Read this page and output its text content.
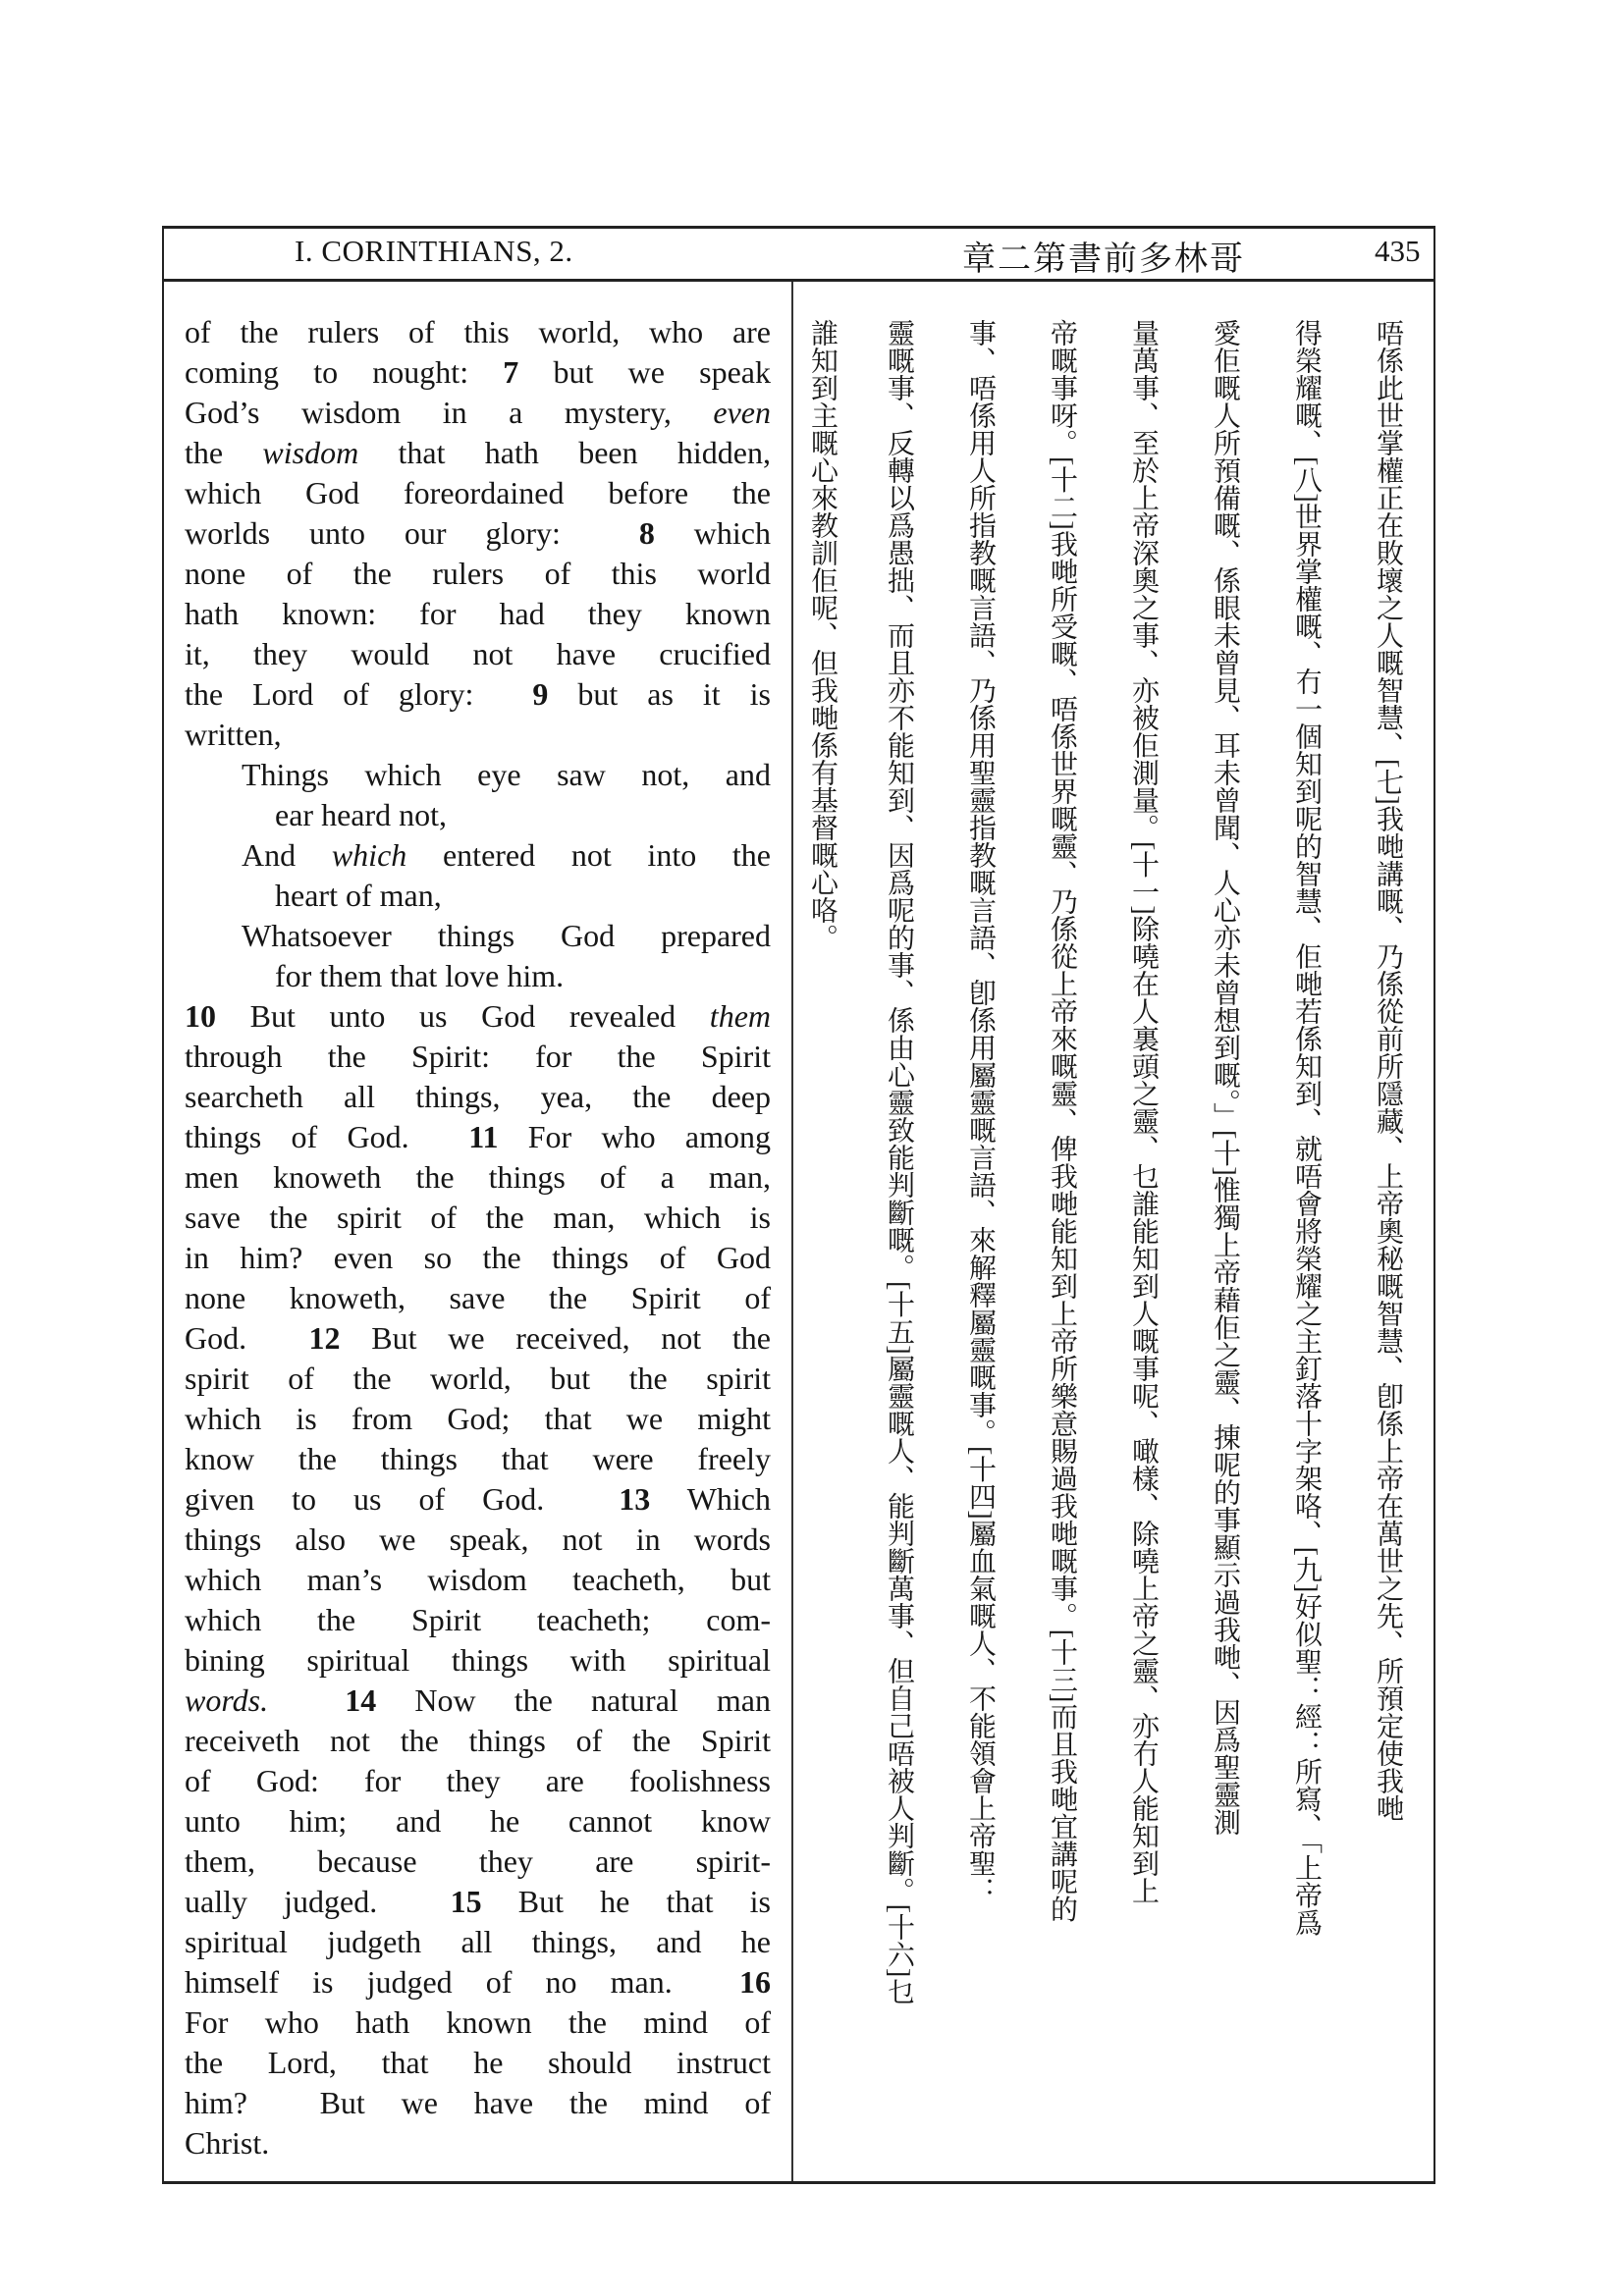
I. CORINTHIANS, 2.	章二第書前多林哥	435
of the rulers of this world, who are
coming to nought: 7 but we speak
God’s wisdom in a mystery, even
the wisdom that hath been hidden,
which God foreordained before the
worlds unto our glory:  8 which
none of the rulers of this world
hath known: for had they known
it, they would not have crucified
the Lord of glory:  9 but as it is
written,
Things which eye saw not, and
ear heard not,
And which entered not into the
heart of man,
Whatsoever things God prepared
for them that love him.
10 But unto us God revealed them
through the Spirit: for the Spirit
searcheth all things, yea, the deep
things of God.  11 For who among
men knoweth the things of a man,
save the spirit of the man, which is
in him? even so the things of God
none knoweth, save the Spirit of
God.  12 But we received, not the
spirit of the world, but the spirit
which is from God; that we might
know the things that were freely
given to us of God.  13 Which
things also we speak, not in words
which man’s wisdom teacheth, but
which the Spirit teacheth; com-
bining spiritual things with spiritual
words. 14 Now the natural man
receiveth not the things of the Spirit
of God: for they are foolishness
unto him; and he cannot know
them, because they are spirit-
ually judged.  15 But he that is
spiritual judgeth all things, and he
himself is judged of no man.  16
For who hath known the mind of
the Lord, that he should instruct
him?  But we have the mind of
Christ.
唔係此世掌權正在敗壞之人嘅智慧、[七]我哋講嘅、乃係從前所隱藏、上帝奧秘嘅智慧、卽係上帝在萬世之先、所預定使我哋
得榮耀嘅、[八]世界掌權嘅、冇一個知到呢的智慧、佢哋若係知到、就唔會將榮耀之主釘落十字架咯、[九]好似聖：經：所寫、「上帝爲
愛佢嘅人所預備嘅、係眼未曾見、耳未曾聞、人心亦未曾想到嘅。」[十]惟獨上帝藉佢之靈、㨂呢的事顯示過我哋、因爲聖靈測
量萬事、至於上帝深奧之事、亦被佢測量。[十一]除嘵在人裏頭之靈、乜誰能知到人嘅事呢、噉樣、除嘵上帝之靈、亦冇人能知到上
帝嘅事呀。[十二]我哋所受嘅、唔係世界嘅靈、乃係從上帝來嘅靈、俾我哋能知到上帝所樂意賜過我哋嘅事。[十三]而且我哋宜講呢的
事、唔係用人所指教嘅言語、乃係用聖靈指教嘅言語、卽係用屬靈嘅言語、來解釋屬靈嘅事。[十四]屬血氣嘅人、不能領會上帝聖：
靈嘅事、反轉以爲愚拙、而且亦不能知到、因爲呢的事、係由心靈致能判斷嘅。[十五]屬靈嘅人、能判斷萬事、但自己唔被人判斷。[十六]乜
誰知到主嘅心來教訓佢呢、但我哋係有基督嘅心咯。
